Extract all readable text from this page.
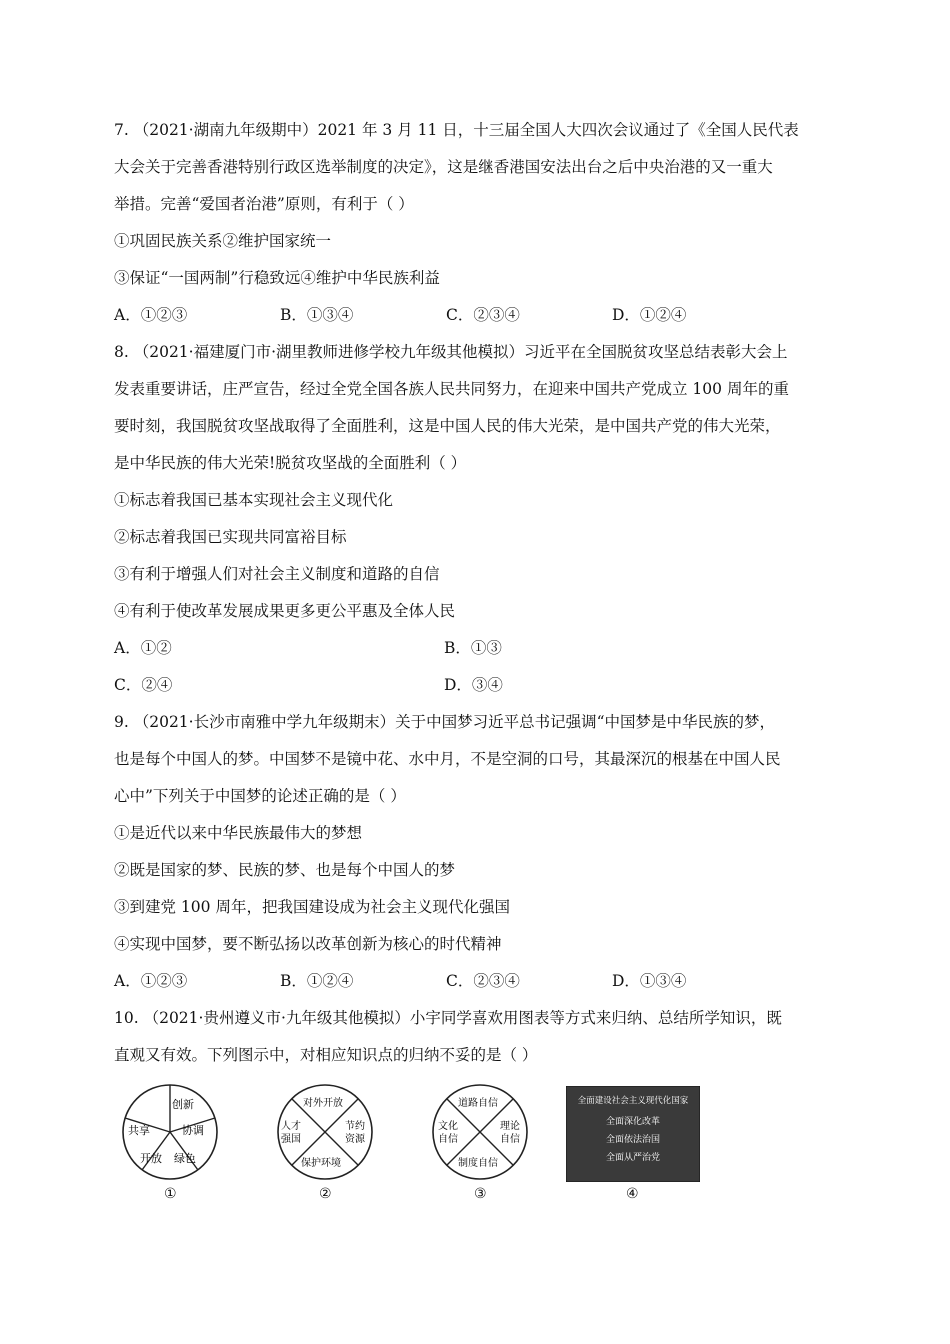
7. （2021·湖南九年级期中）2021 年 3 月 11 日，十三届全国人大四次会议通过了《全国人民代表
大会关于完善香港特别行政区选举制度的决定》，这是继香港国安法出台之后中央治港的又一重大
举措。完善“爱国者治港”原则，有利于（ ）
①巩固民族关系②维护国家统一
③保证“一国两制”行稳致远④维护中华民族利益
A．①②③	B．①③④	C．②③④	D．①②④
8. （2021·福建厦门市·湖里教师进修学校九年级其他模拟）习近平在全国脱贫攻坚总结表彰大会上
发表重要讲话，庄严宣告，经过全党全国各族人民共同努力，在迎来中国共产党成立 100 周年的重
要时刻，我国脱贫攻坚战取得了全面胜利，这是中国人民的伟大光荣，是中国共产党的伟大光荣，
是中华民族的伟大光荣!脱贫攻坚战的全面胜利（ ）
①标志着我国已基本实现社会主义现代化
②标志着我国已实现共同富裕目标
③有利于增强人们对社会主义制度和道路的自信
④有利于使改革发展成果更多更公平惠及全体人民
A．①②	B．①③
C．②④	D．③④
9. （2021·长沙市南雅中学九年级期末）关于中国梦习近平总书记强调“中国梦是中华民族的梦，
也是每个中国人的梦。中国梦不是镜中花、水中月，不是空洞的口号，其最深沉的根基在中国人民
心中”下列关于中国梦的论述正确的是（ ）
①是近代以来中华民族最伟大的梦想
②既是国家的梦、民族的梦、也是每个中国人的梦
③到建党 100 周年，把我国建设成为社会主义现代化强国
④实现中国梦，要不断弘扬以改革创新为核心的时代精神
A．①②③	B．①②④	C．②③④	D．①③④
10. （2021·贵州遵义市·九年级其他模拟）小宇同学喜欢用图表等方式来归纳、总结所学知识，既
直观又有效。下列图示中，对相应知识点的归纳不妥的是（ ）
创新
协调
绿色
开放
共享
①
对外开放
节约
资源
保护环境
人才
强国
②
道路自信
理论
自信
制度自信
文化
自信
③
全面建设社会主义现代化国家
全面深化改革
全面依法治国
全面从严治党
④
